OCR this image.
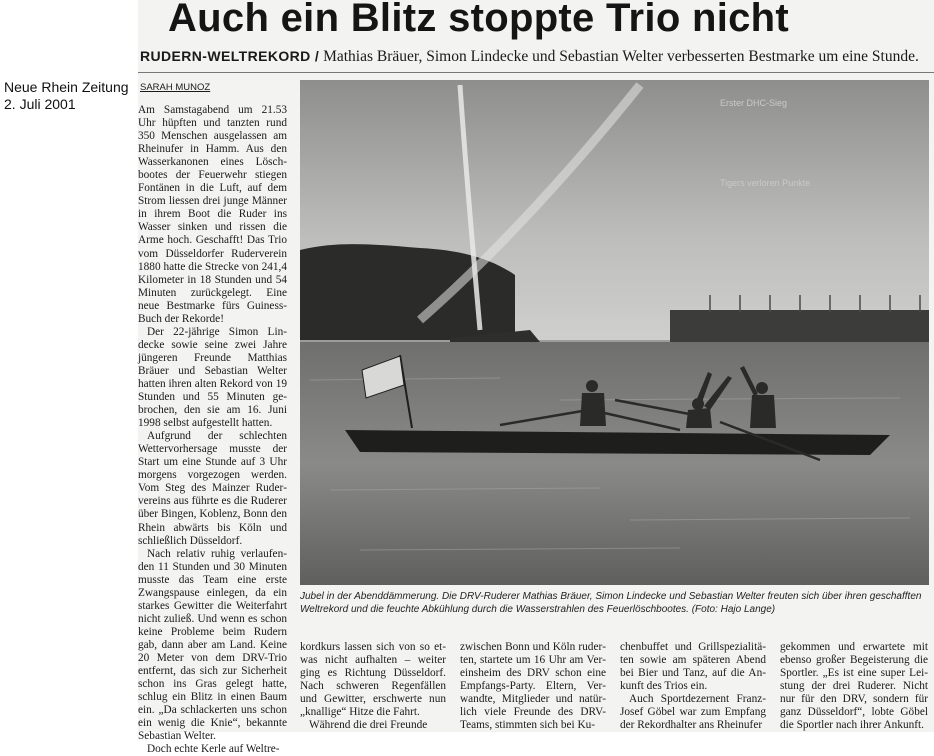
Neue Rhein Zeitung
2. Juli 2001
Auch ein Blitz stoppte Trio nicht
RUDERN-WELTREKORD / Mathias Bräuer, Simon Lindecke und Sebastian Welter verbesserten Bestmarke um eine Stunde.
SARAH MUNOZ

Am Samstagabend um 21.53 Uhr hüpften und tanzten rund 350 Menschen ausgelassen am Rheinufer in Hamm. Aus den Wasserkanonen eines Löschbootes der Feuerwehr stiegen Fontänen in die Luft, auf dem Strom liessen drei junge Männer in ihrem Boot die Ruder ins Wasser sinken und rissen die Arme hoch. Geschafft! Das Trio vom Düsseldorfer Ruderverein 1880 hatte die Strecke von 241,4 Kilometer in 18 Stunden und 54 Minuten zurückgelegt. Eine neue Bestmarke fürs Guiness-Buch der Rekorde!

Der 22-jährige Simon Lindecke sowie seine zwei Jahre jüngeren Freunde Matthias Bräuer und Sebastian Welter hatten ihren alten Rekord von 19 Stunden und 55 Minuten gebrochen, den sie am 16. Juni 1998 selbst aufgestellt hatten.

Aufgrund der schlechten Wettervorhersage musste der Start um eine Stunde auf 3 Uhr morgens vorgezogen werden. Vom Steg des Mainzer Rudervereins aus führte es die Ruderer über Bingen, Koblenz, Bonn den Rhein abwärts bis Köln und schließlich Düsseldorf.

Nach relativ ruhig verlaufenden 11 Stunden und 30 Minuten musste das Team eine erste Zwangspause einlegen, da ein starkes Gewitter die Weiterfahrt nicht zuließ. Und wenn es schon keine Probleme beim Rudern gab, dann aber am Land. Keine 20 Meter von dem DRV-Trio entfernt, das sich zur Sicherheit schon ins Gras gelegt hatte, schlug ein Blitz in einen Baum ein. „Da schlackerten uns schon ein wenig die Knie“, bekannte Sebastian Welter.

Doch echte Kerle auf Weltre-

Jubel in der Abenddämmerung. Die DRV-Ruderer Mathias Bräuer, Simon Lindecke und Sebastian Welter freuten sich über ihren geschafften Weltrekord und die feuchte Abkühlung durch die Wasserstrahlen des Feuerlöschbootes. (Foto: Hajo Lange)

kordkurs lassen sich von so etwas nicht aufhalten – weiter ging es Richtung Düsseldorf. Nach schweren Regenfällen und Gewitter, erschwerte nun „knallige“ Hitze die Fahrt.

Während die drei Freunde

zwischen Bonn und Köln ruderten, startete um 16 Uhr am Vereinsheim des DRV schon eine Empfangs-Party. Eltern, Verwandte, Mitglieder und natürlich viele Freunde des DRV-Teams, stimmten sich bei Ku-

chenbuffet und Grillspezialitäten sowie am späteren Abend bei Bier und Tanz, auf die Ankunft des Trios ein.

Auch Sportdezernent Franz-Josef Göbel war zum Empfang der Rekordhalter ans Rheinufer

gekommen und erwartete mit ebenso großer Begeisterung die Sportler. „Es ist eine super Leistung der drei Ruderer. Nicht nur für den DRV, sondern für ganz Düsseldorf“, lobte Göbel die Sportler nach ihrer Ankunft.

Erster DHC-Sieg
Tigers verloren Punkte
